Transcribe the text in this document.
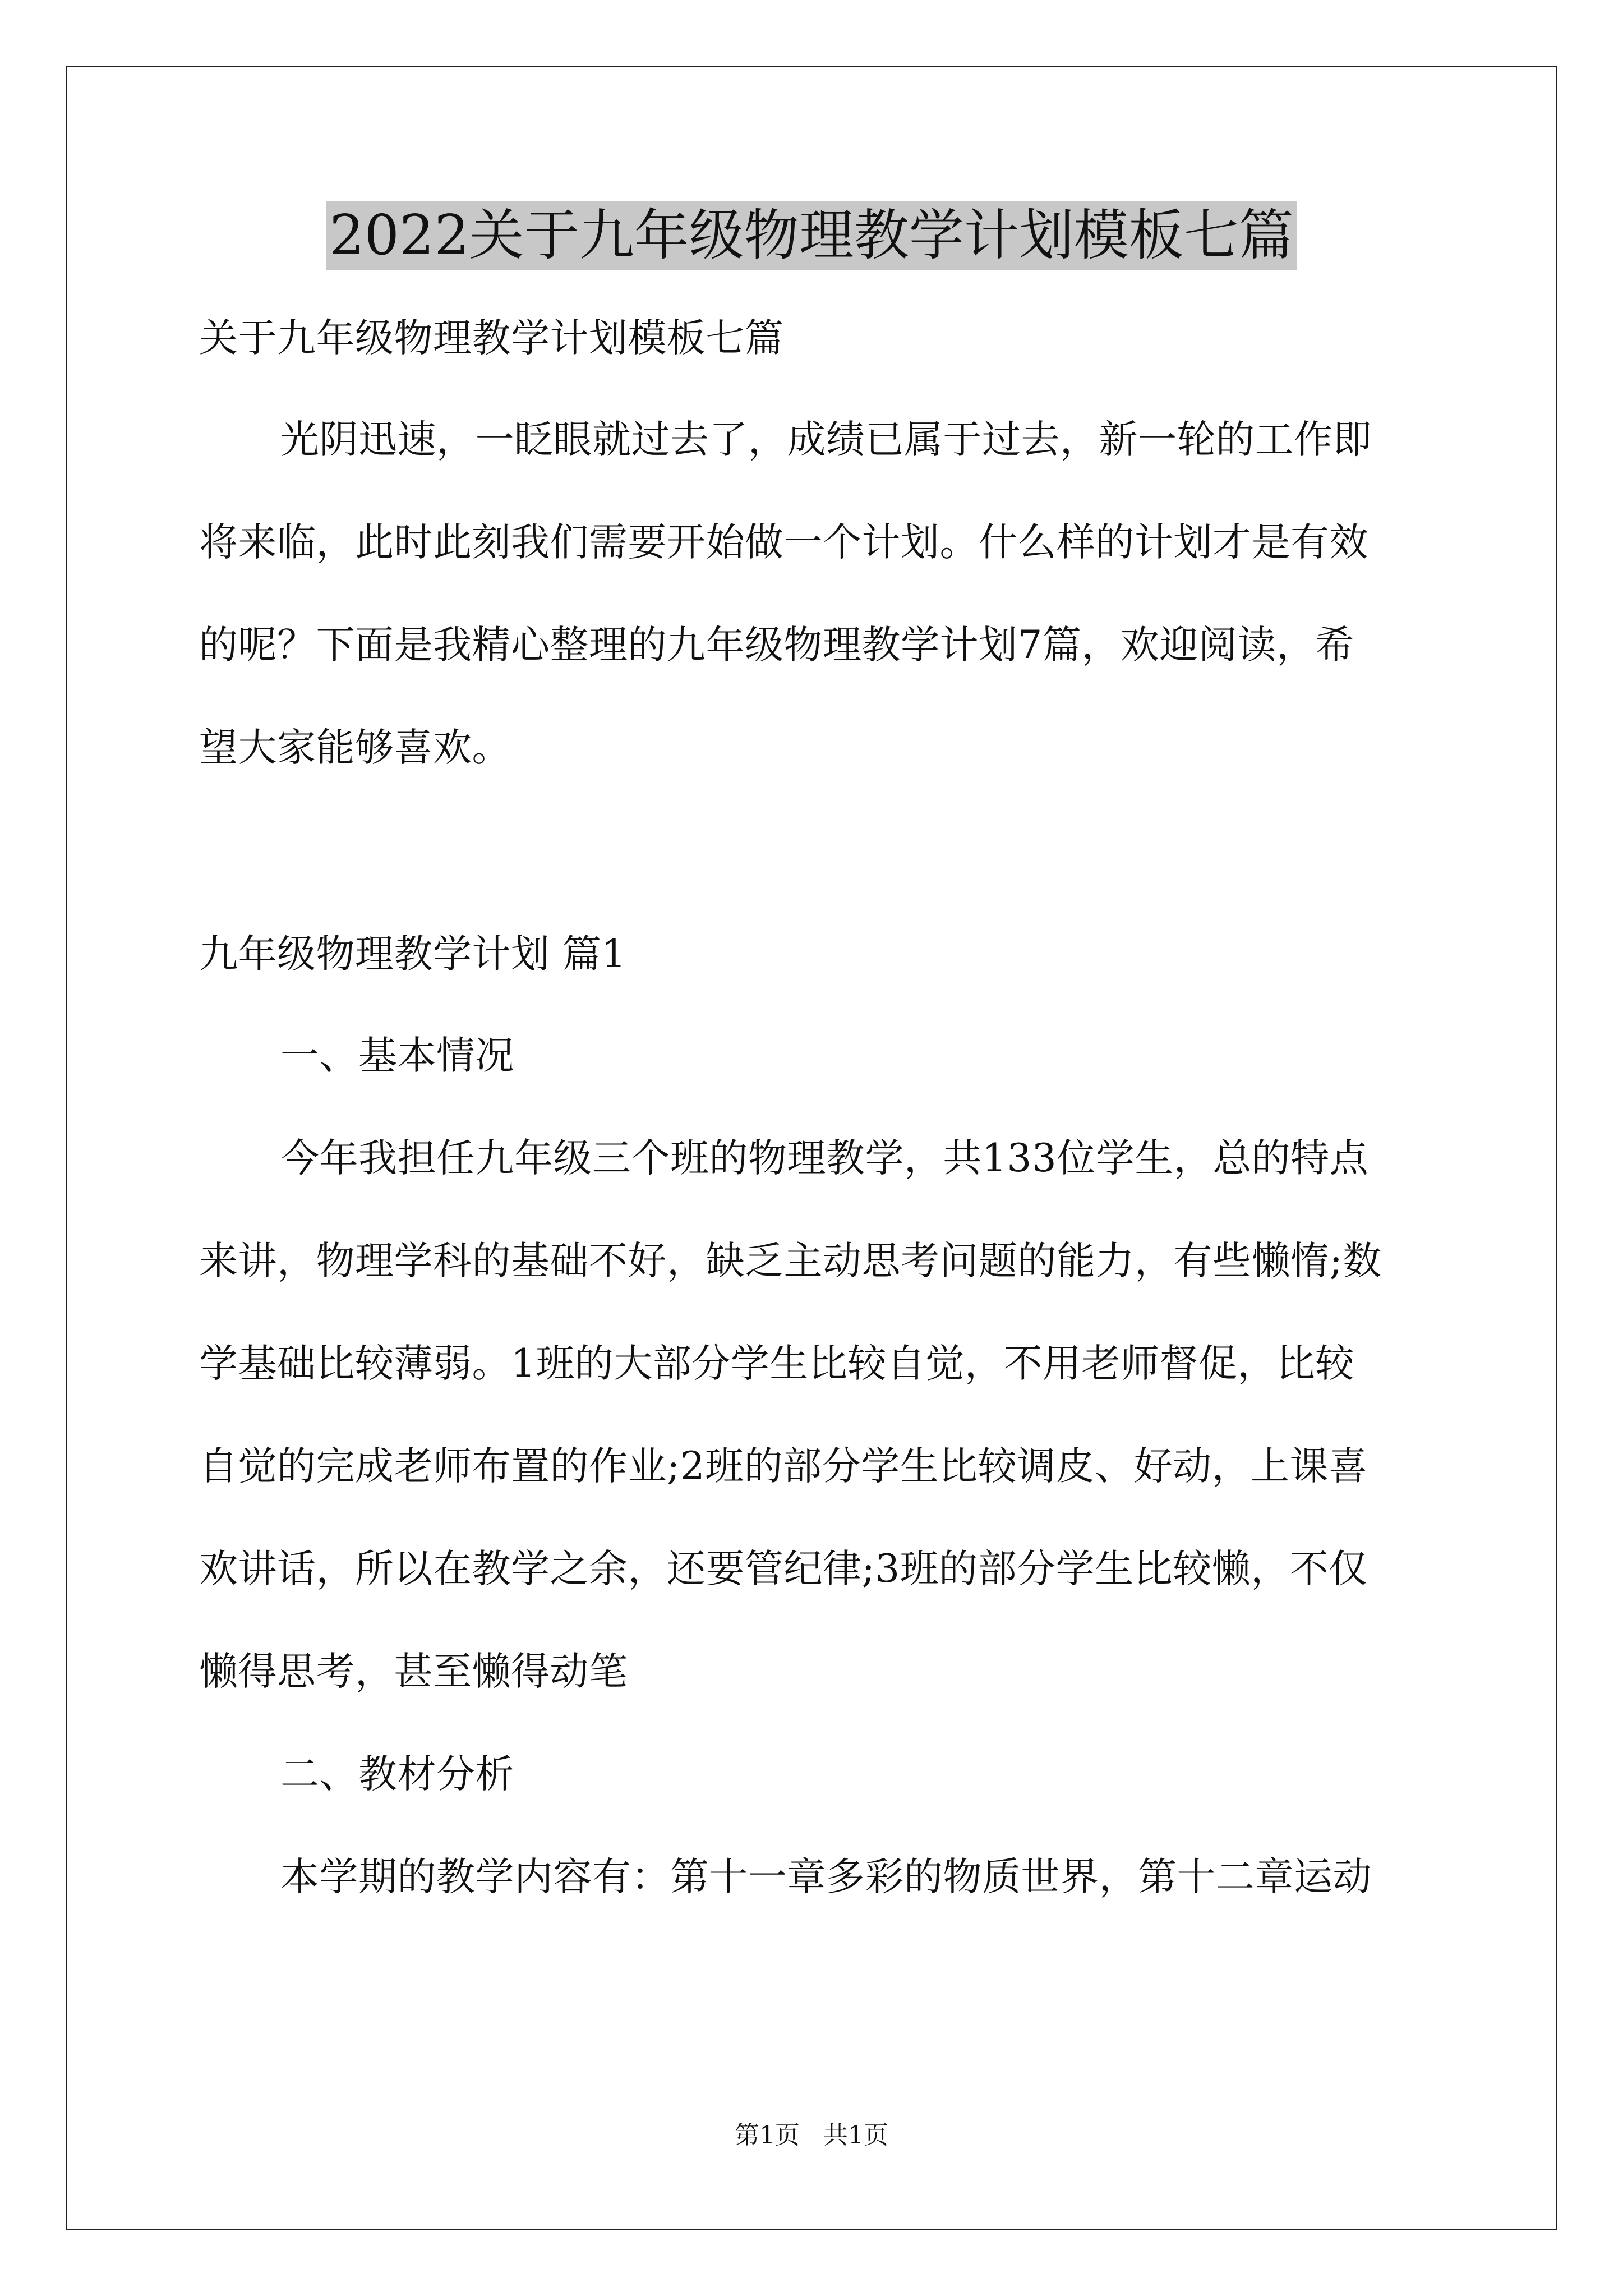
2022关于九年级物理教学计划模板七篇

关于九年级物理教学计划模板七篇

光阴迅速，一眨眼就过去了，成绩已属于过去，新一轮的工作即

将来临，此时此刻我们需要开始做一个计划。什么样的计划才是有效

的呢？下面是我精心整理的九年级物理教学计划7篇，欢迎阅读，希

望大家能够喜欢。

九年级物理教学计划 篇1

一、基本情况

今年我担任九年级三个班的物理教学，共133位学生，总的特点

来讲，物理学科的基础不好，缺乏主动思考问题的能力，有些懒惰;数

学基础比较薄弱。1班的大部分学生比较自觉，不用老师督促，比较

自觉的完成老师布置的作业;2班的部分学生比较调皮、好动，上课喜

欢讲话，所以在教学之余，还要管纪律;3班的部分学生比较懒，不仅

懒得思考，甚至懒得动笔

二、教材分析

本学期的教学内容有：第十一章多彩的物质世界，第十二章运动

第1页   共1页
